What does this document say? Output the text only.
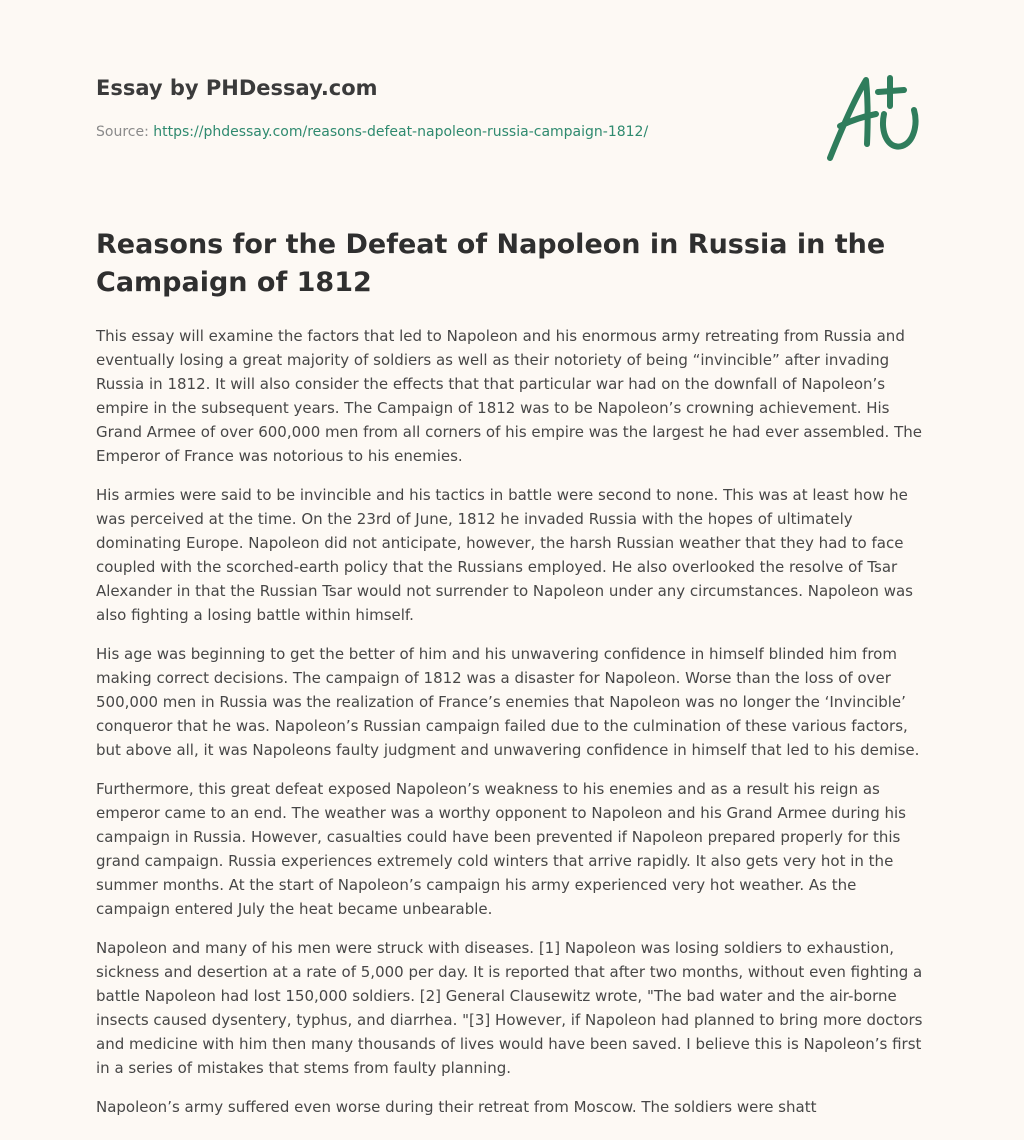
Essay by PHDessay.com
Source: https://phdessay.com/reasons-defeat-napoleon-russia-campaign-1812/
Reasons for the Defeat of Napoleon in Russia in the Campaign of 1812

This essay will examine the factors that led to Napoleon and his enormous army retreating from Russia and eventually losing a great majority of soldiers as well as their notoriety of being “invincible” after invading Russia in 1812. It will also consider the effects that that particular war had on the downfall of Napoleon’s empire in the subsequent years. The Campaign of 1812 was to be Napoleon’s crowning achievement. His Grand Armee of over 600,000 men from all corners of his empire was the largest he had ever assembled. The Emperor of France was notorious to his enemies.

His armies were said to be invincible and his tactics in battle were second to none. This was at least how he was perceived at the time. On the 23rd of June, 1812 he invaded Russia with the hopes of ultimately dominating Europe. Napoleon did not anticipate, however, the harsh Russian weather that they had to face coupled with the scorched-earth policy that the Russians employed. He also overlooked the resolve of Tsar Alexander in that the Russian Tsar would not surrender to Napoleon under any circumstances. Napoleon was also fighting a losing battle within himself.

His age was beginning to get the better of him and his unwavering confidence in himself blinded him from making correct decisions. The campaign of 1812 was a disaster for Napoleon. Worse than the loss of over 500,000 men in Russia was the realization of France’s enemies that Napoleon was no longer the ‘Invincible’ conqueror that he was. Napoleon’s Russian campaign failed due to the culmination of these various factors, but above all, it was Napoleons faulty judgment and unwavering confidence in himself that led to his demise.

Furthermore, this great defeat exposed Napoleon’s weakness to his enemies and as a result his reign as emperor came to an end. The weather was a worthy opponent to Napoleon and his Grand Armee during his campaign in Russia. However, casualties could have been prevented if Napoleon prepared properly for this grand campaign. Russia experiences extremely cold winters that arrive rapidly. It also gets very hot in the summer months. At the start of Napoleon’s campaign his army experienced very hot weather. As the campaign entered July the heat became unbearable.

Napoleon and many of his men were struck with diseases. [1] Napoleon was losing soldiers to exhaustion, sickness and desertion at a rate of 5,000 per day. It is reported that after two months, without even fighting a battle Napoleon had lost 150,000 soldiers. [2] General Clausewitz wrote, "The bad water and the air-borne insects caused dysentery, typhus, and diarrhea. "[3] However, if Napoleon had planned to bring more doctors and medicine with him then many thousands of lives would have been saved. I believe this is Napoleon’s first in a series of mistakes that stems from faulty planning.

Napoleon’s army suffered even worse during their retreat from Moscow. The soldiers were shatt
